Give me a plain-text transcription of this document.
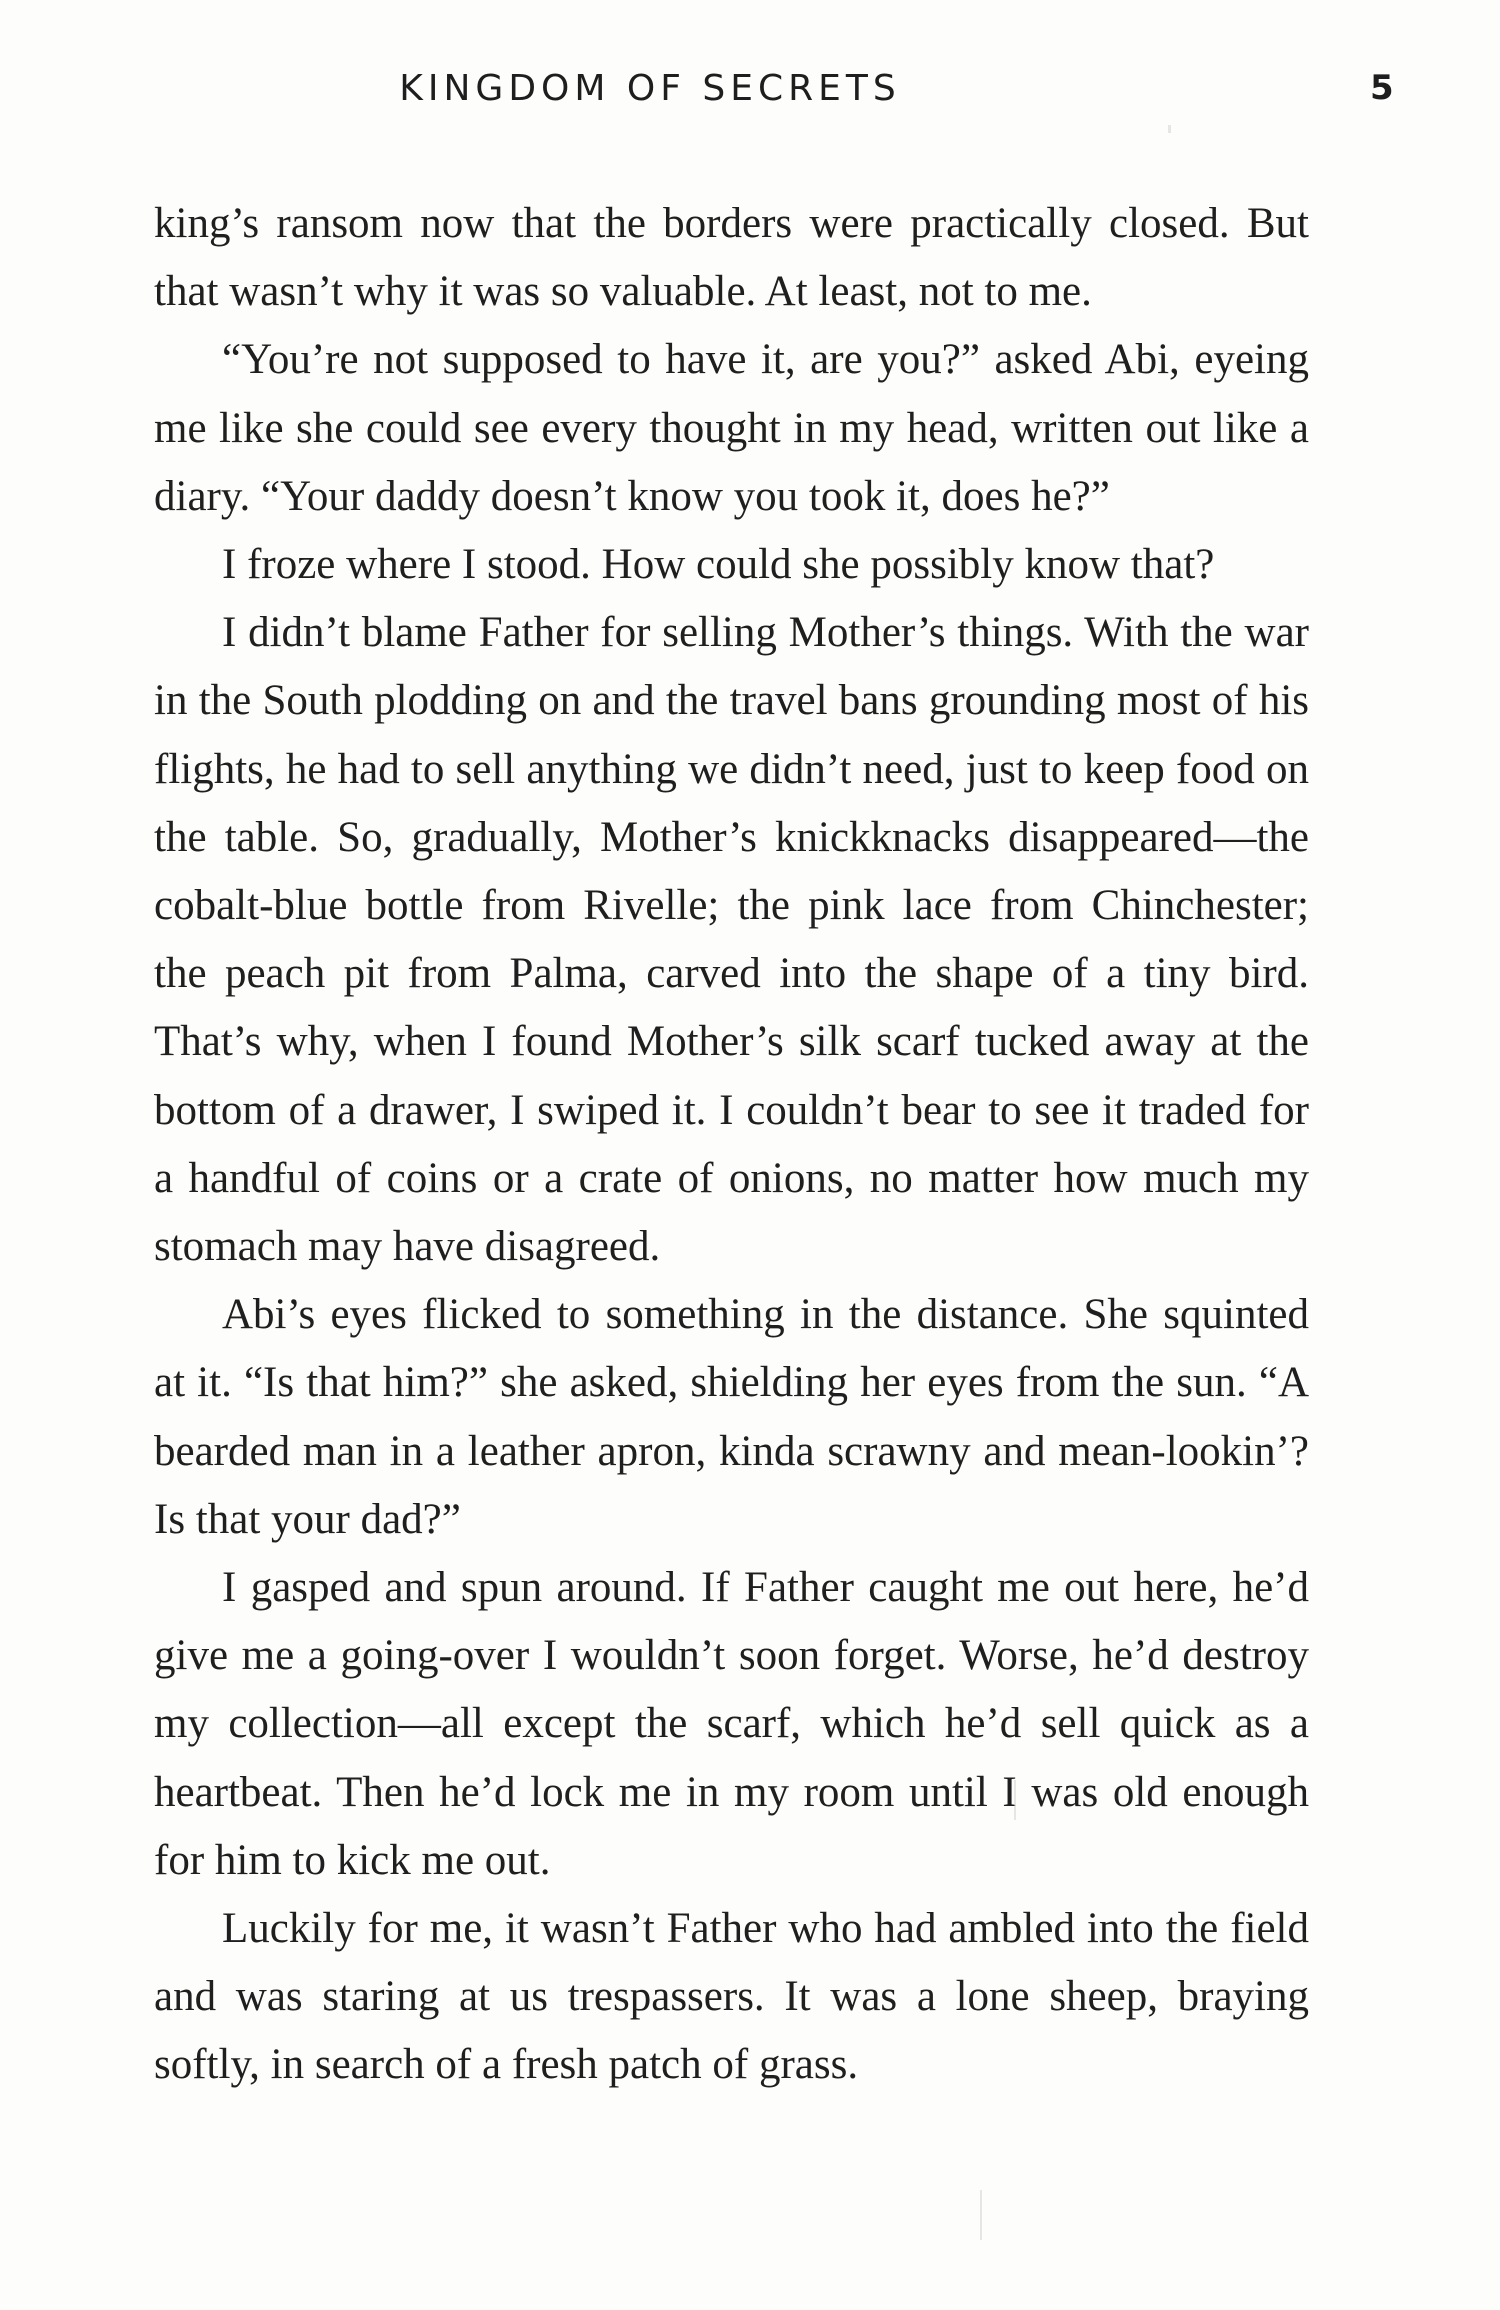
KINGDOM OF SECRETS	5

king’s ransom now that the borders were practically closed. But that wasn’t why it was so valuable. At least, not to me.

“You’re not supposed to have it, are you?” asked Abi, eyeing me like she could see every thought in my head, written out like a diary. “Your daddy doesn’t know you took it, does he?”

I froze where I stood. How could she possibly know that?

I didn’t blame Father for selling Mother’s things. With the war in the South plodding on and the travel bans grounding most of his flights, he had to sell anything we didn’t need, just to keep food on the table. So, gradually, Mother’s knickknacks disappeared—the cobalt-blue bottle from Rivelle; the pink lace from Chinchester; the peach pit from Palma, carved into the shape of a tiny bird. That’s why, when I found Mother’s silk scarf tucked away at the bottom of a drawer, I swiped it. I couldn’t bear to see it traded for a handful of coins or a crate of onions, no matter how much my stomach may have disagreed.

Abi’s eyes flicked to something in the distance. She squinted at it. “Is that him?” she asked, shielding her eyes from the sun. “A bearded man in a leather apron, kinda scrawny and mean-lookin’? Is that your dad?”

I gasped and spun around. If Father caught me out here, he’d give me a going-over I wouldn’t soon forget. Worse, he’d destroy my collection—all except the scarf, which he’d sell quick as a heartbeat. Then he’d lock me in my room until I was old enough for him to kick me out.

Luckily for me, it wasn’t Father who had ambled into the field and was staring at us trespassers. It was a lone sheep, braying softly, in search of a fresh patch of grass.
